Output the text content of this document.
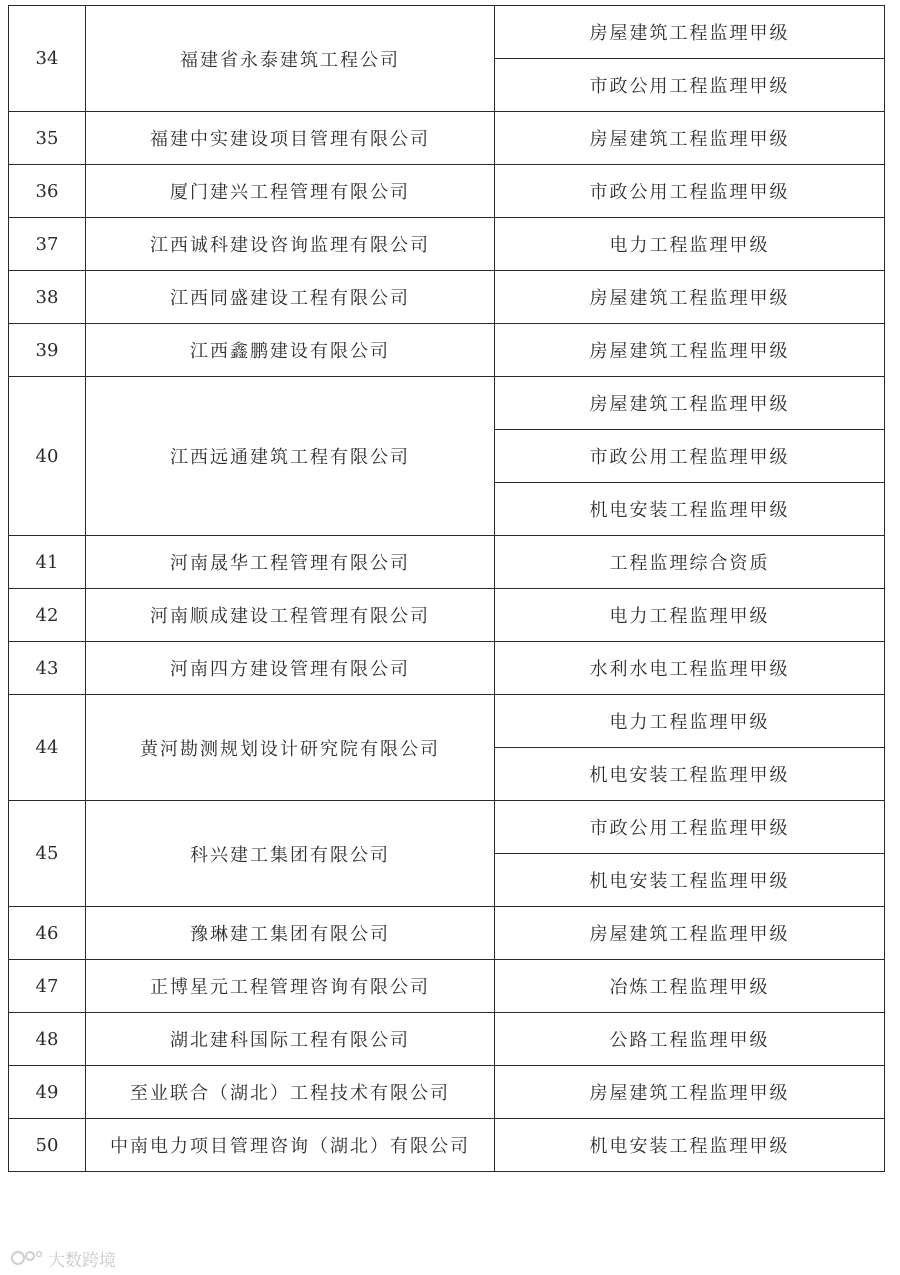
34	福建省永泰建筑工程公司	房屋建筑工程监理甲级
		市政公用工程监理甲级
35	福建中实建设项目管理有限公司	房屋建筑工程监理甲级
36	厦门建兴工程管理有限公司	市政公用工程监理甲级
37	江西诚科建设咨询监理有限公司	电力工程监理甲级
38	江西同盛建设工程有限公司	房屋建筑工程监理甲级
39	江西鑫鹏建设有限公司	房屋建筑工程监理甲级
40	江西远通建筑工程有限公司	房屋建筑工程监理甲级
		市政公用工程监理甲级
		机电安装工程监理甲级
41	河南晟华工程管理有限公司	工程监理综合资质
42	河南顺成建设工程管理有限公司	电力工程监理甲级
43	河南四方建设管理有限公司	水利水电工程监理甲级
44	黄河勘测规划设计研究院有限公司	电力工程监理甲级
		机电安装工程监理甲级
45	科兴建工集团有限公司	市政公用工程监理甲级
		机电安装工程监理甲级
46	豫琳建工集团有限公司	房屋建筑工程监理甲级
47	正博星元工程管理咨询有限公司	冶炼工程监理甲级
48	湖北建科国际工程有限公司	公路工程监理甲级
49	至业联合（湖北）工程技术有限公司	房屋建筑工程监理甲级
50	中南电力项目管理咨询（湖北）有限公司	机电安装工程监理甲级
大数跨境
